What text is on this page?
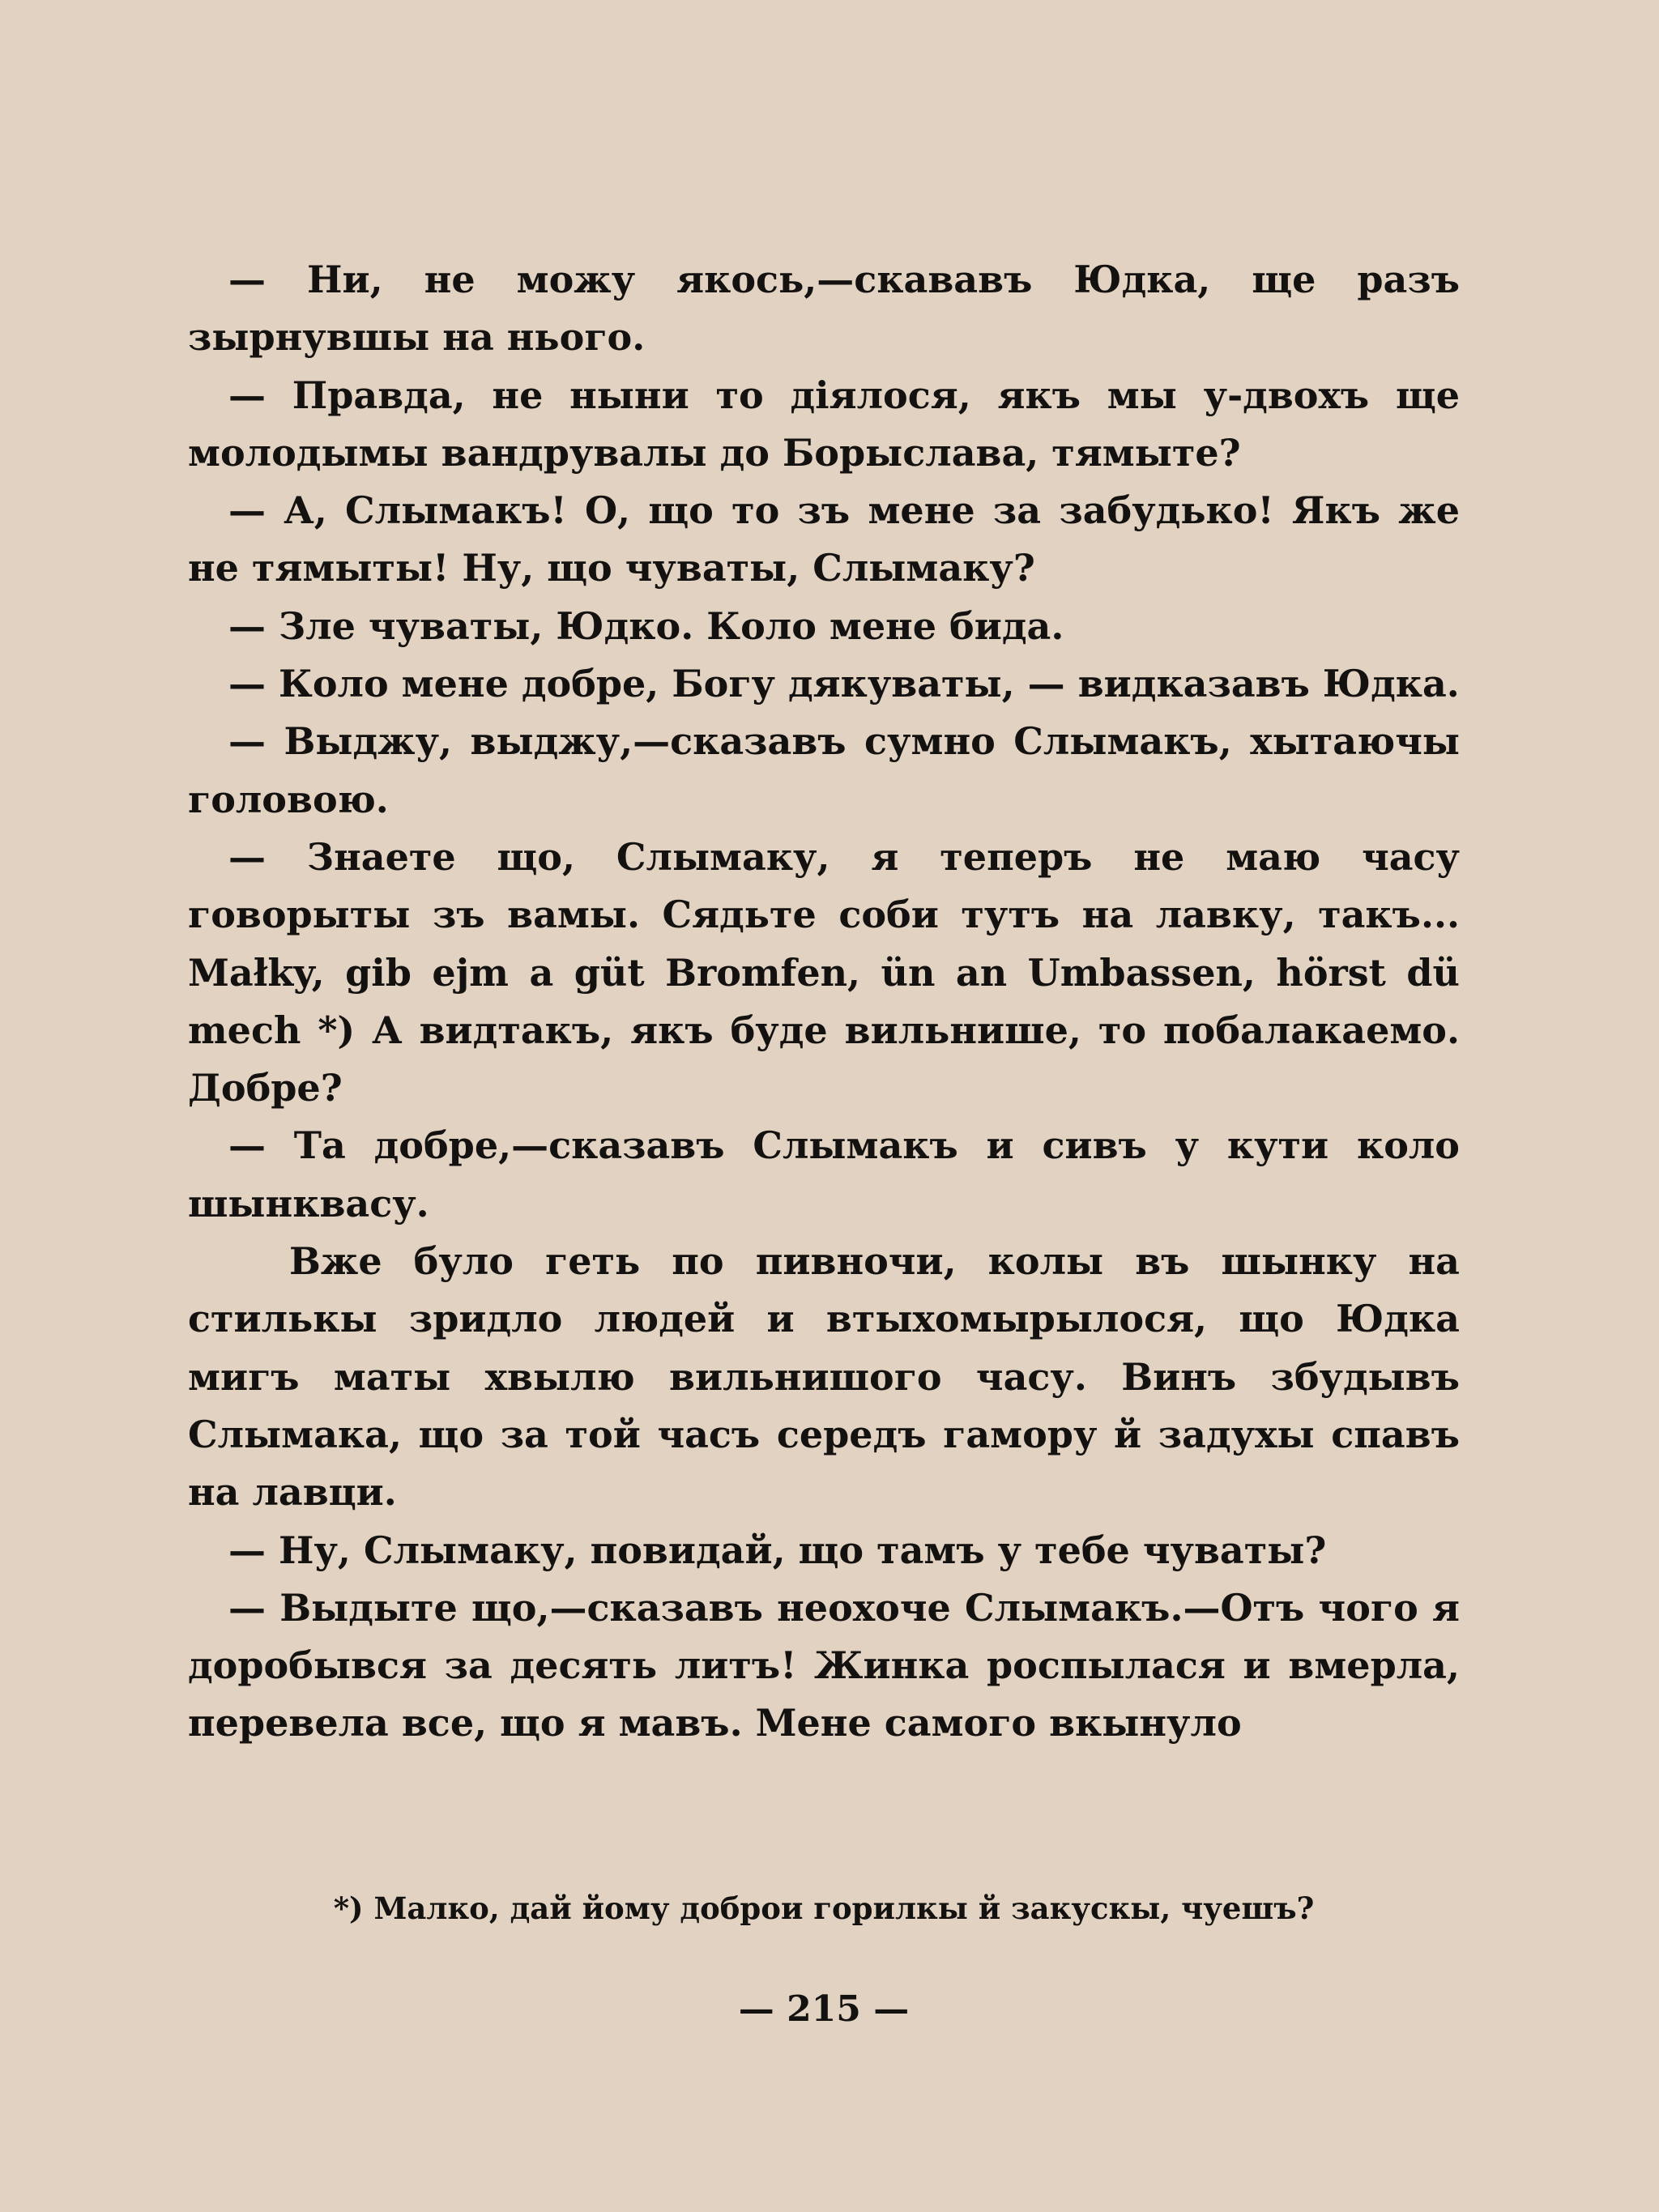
— Ни, не можу якось,—скававъ Юдка, ще разъ зырнувшы на нього.

— Правда, не ныни то дiялося, якъ мы у-двохъ ще молодымы вандрувалы до Борыслава, тямыте?

— А, Слымакъ! О, що то зъ мене за забудько! Якъ же не тямыты! Ну, що чуваты, Слымаку?

— Зле чуваты, Юдко. Коло мене бида.

— Коло мене добре, Богу дякуваты, — видказавъ Юдка.

— Выджу, выджу,—сказавъ сумно Слымакъ, хытаючы головою.

— Знаете що, Слымаку, я теперъ не маю часу говорыты зъ вамы. Сядьте соби тутъ на лавку, такъ... Małky, gib ejm a güt Bromfen, ün an Umbassen, hörst dü mech *) А видтакъ, якъ буде вильнише, то побалакаемо. Добре?

— Та добре,—сказавъ Слымакъ и сивъ у кути коло шынквасу.

Вже було геть по пивночи, колы въ шынку на стилькы зридло людей и втыхомырылося, що Юдка мигъ маты хвылю вильнишого часу. Винъ збудывъ Слымака, що за той часъ середъ гамору й задухы спавъ на лавци.

— Ну, Слымаку, повидай, що тамъ у тебе чуваты?

— Выдыте що,—сказавъ неохоче Слымакъ.—Отъ чого я доробывся за десять литъ! Жинка роспылася и вмерла, перевела все, що я мавъ. Мене самого вкынуло

*) Малко, дай йому доброи горилкы й закускы, чуешъ?
— 215 —
